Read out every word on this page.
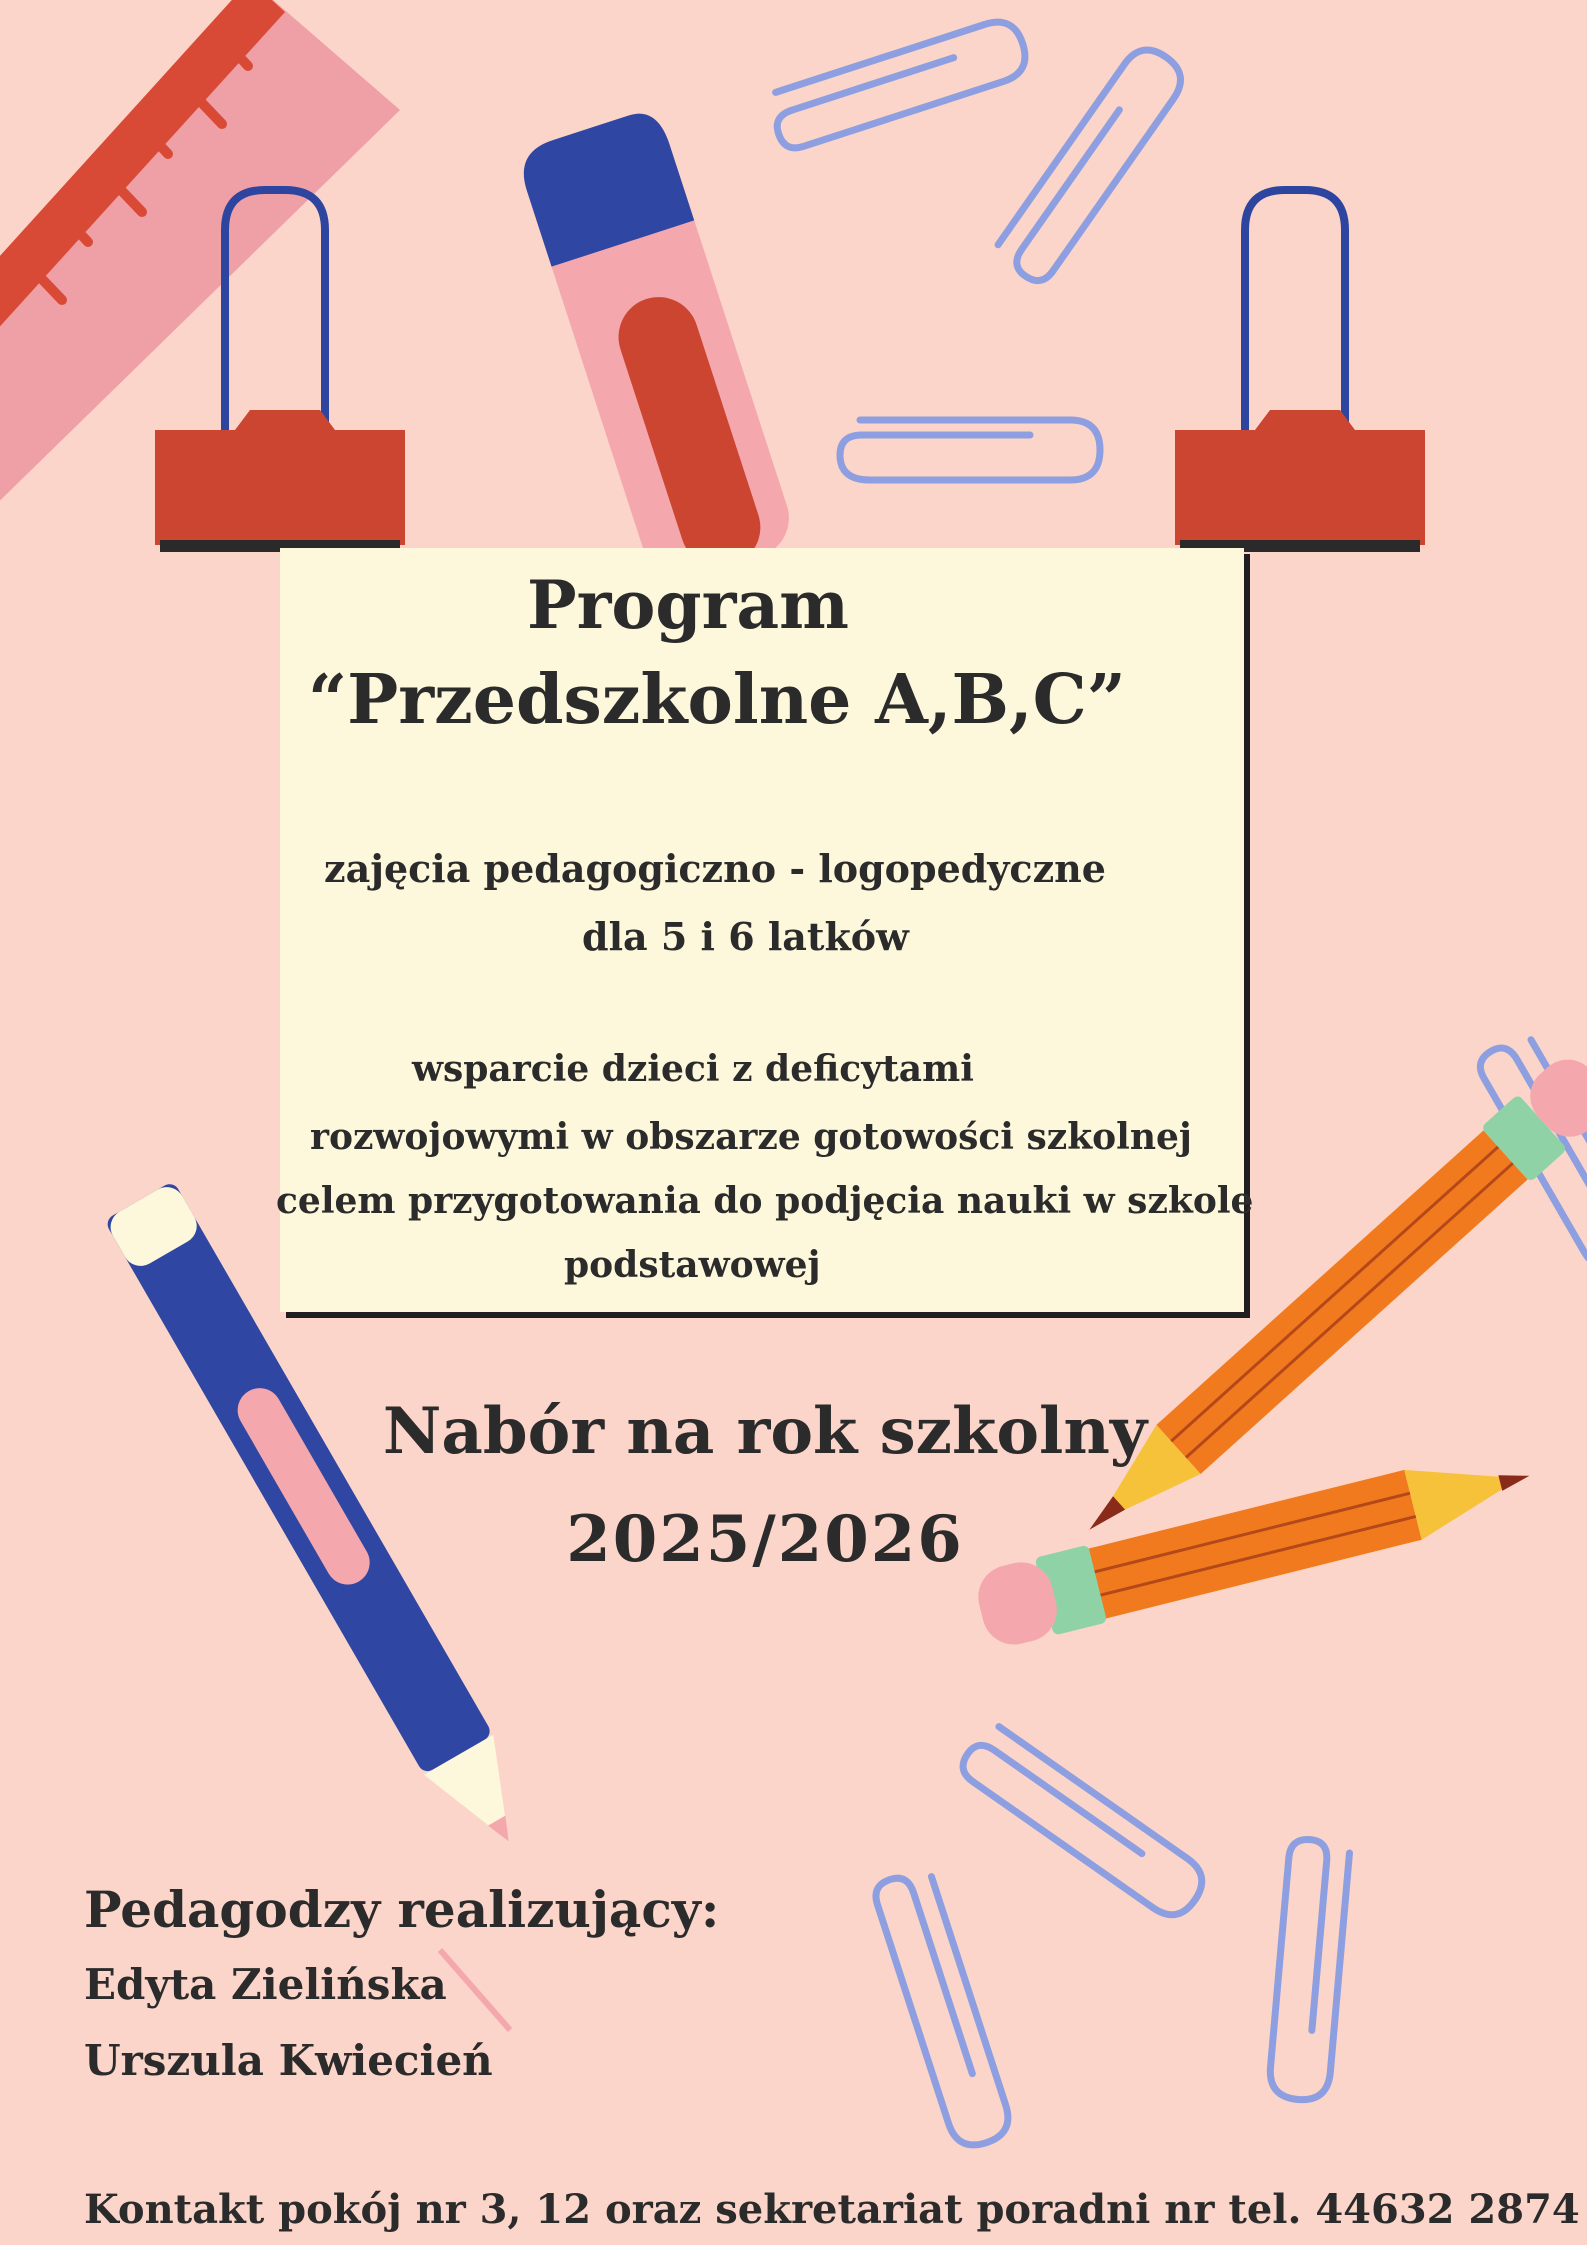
Program
“Przedszkolne A,B,C”
zajęcia pedagogiczno - logopedyczne
dla 5 i 6 latków
wsparcie dzieci z deficytami
rozwojowymi w obszarze gotowości szkolnej
celem przygotowania do podjęcia nauki w szkole
podstawowej
Nabór na rok szkolny
2025/2026
Pedagodzy realizujący:
Edyta Zielińska
Urszula Kwiecień
Kontakt pokój nr 3, 12 oraz sekretariat poradni nr tel. 44632 2874
